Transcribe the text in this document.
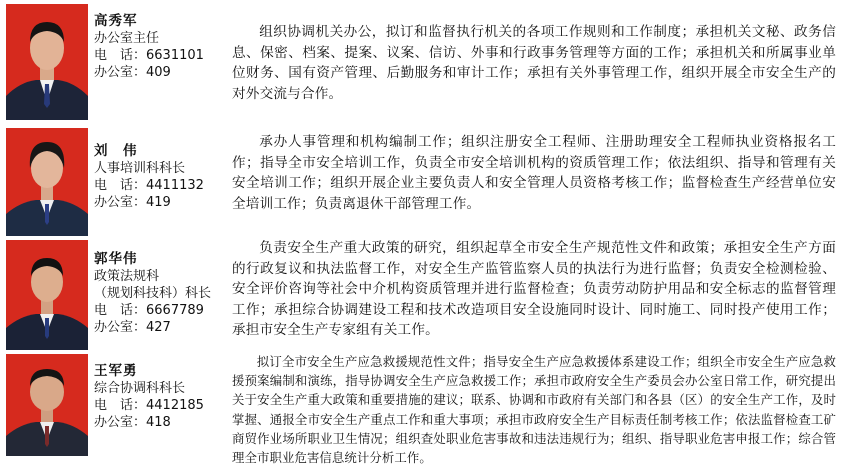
高秀军
办公室主任
电　话：6631101
办公室：409
组织协调机关办公，拟订和监督执行机关的各项工作规则和工作制度；承担机关文秘、政务信息、保密、档案、提案、议案、信访、外事和行政事务管理等方面的工作；承担机关和所属事业单位财务、国有资产管理、后勤服务和审计工作；承担有关外事管理工作，组织开展全市安全生产的对外交流与合作。
刘　伟
人事培训科科长
电　话：4411132
办公室：419
承办人事管理和机构编制工作；组织注册安全工程师、注册助理安全工程师执业资格报名工作；指导全市安全培训工作，负责全市安全培训机构的资质管理工作；依法组织、指导和管理有关安全培训工作；组织开展企业主要负责人和安全管理人员资格考核工作；监督检查生产经营单位安全培训工作；负责离退休干部管理工作。
郭华伟
政策法规科
（规划科技科）科长
电　话：6667789
办公室：427
负责安全生产重大政策的研究，组织起草全市安全生产规范性文件和政策；承担安全生产方面的行政复议和执法监督工作，对安全生产监管监察人员的执法行为进行监督；负责安全检测检验、安全评价咨询等社会中介机构资质管理并进行监督检查；负责劳动防护用品和安全标志的监督管理工作；承担综合协调建设工程和技术改造项目安全设施同时设计、同时施工、同时投产使用工作；承担市安全生产专家组有关工作。
王军勇
综合协调科科长
电　话：4412185
办公室：418
拟订全市安全生产应急救援规范性文件；指导安全生产应急救援体系建设工作；组织全市安全生产应急救援预案编制和演练，指导协调安全生产应急救援工作；承担市政府安全生产委员会办公室日常工作，研究提出关于安全生产重大政策和重要措施的建议；联系、协调和市政府有关部门和各县（区）的安全生产工作，及时掌握、通报全市安全生产重点工作和重大事项；承担市政府安全生产目标责任制考核工作；依法监督检查工矿商贸作业场所职业卫生情况；组织查处职业危害事故和违法违规行为；组织、指导职业危害申报工作；综合管理全市职业危害信息统计分析工作。
